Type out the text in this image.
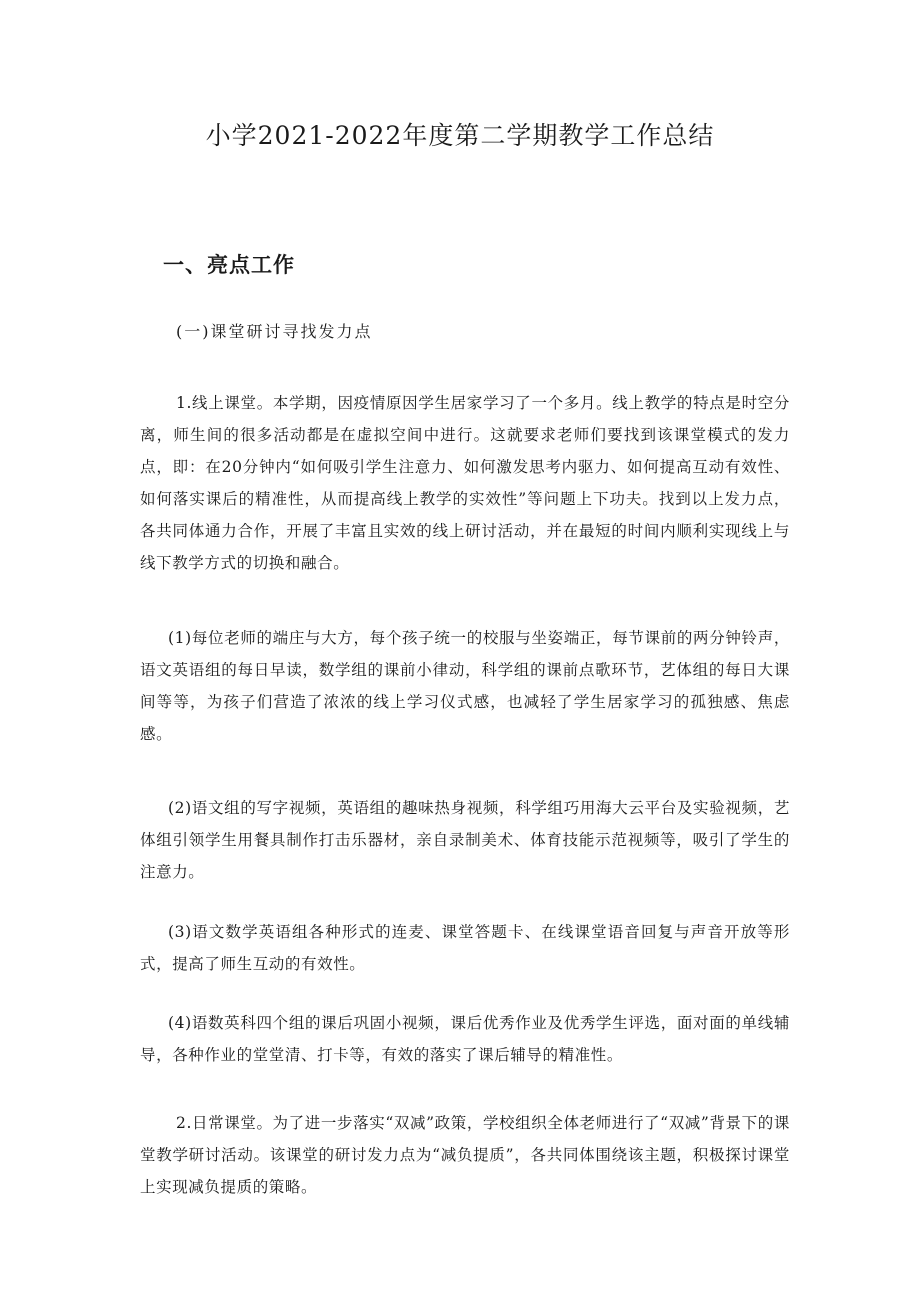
小学2021-2022年度第二学期教学工作总结
一、亮点工作
(一)课堂研讨寻找发力点

1.线上课堂。本学期，因疫情原因学生居家学习了一个多月。线上教学的特点是时空分离，师生间的很多活动都是在虚拟空间中进行。这就要求老师们要找到该课堂模式的发力点，即：在20分钟内“如何吸引学生注意力、如何激发思考内驱力、如何提高互动有效性、如何落实课后的精准性，从而提高线上教学的实效性”等问题上下功夫。找到以上发力点，各共同体通力合作，开展了丰富且实效的线上研讨活动，并在最短的时间内顺利实现线上与线下教学方式的切换和融合。

(1)每位老师的端庄与大方，每个孩子统一的校服与坐姿端正，每节课前的两分钟铃声，语文英语组的每日早读，数学组的课前小律动，科学组的课前点歌环节，艺体组的每日大课间等等，为孩子们营造了浓浓的线上学习仪式感，也减轻了学生居家学习的孤独感、焦虑感。

(2)语文组的写字视频，英语组的趣味热身视频，科学组巧用海大云平台及实验视频，艺体组引领学生用餐具制作打击乐器材，亲自录制美术、体育技能示范视频等，吸引了学生的注意力。

(3)语文数学英语组各种形式的连麦、课堂答题卡、在线课堂语音回复与声音开放等形式，提高了师生互动的有效性。

(4)语数英科四个组的课后巩固小视频，课后优秀作业及优秀学生评选，面对面的单线辅导，各种作业的堂堂清、打卡等，有效的落实了课后辅导的精准性。

2.日常课堂。为了进一步落实“双减”政策，学校组织全体老师进行了“双减”背景下的课堂教学研讨活动。该课堂的研讨发力点为“减负提质”，各共同体围绕该主题，积极探讨课堂上实现减负提质的策略。
